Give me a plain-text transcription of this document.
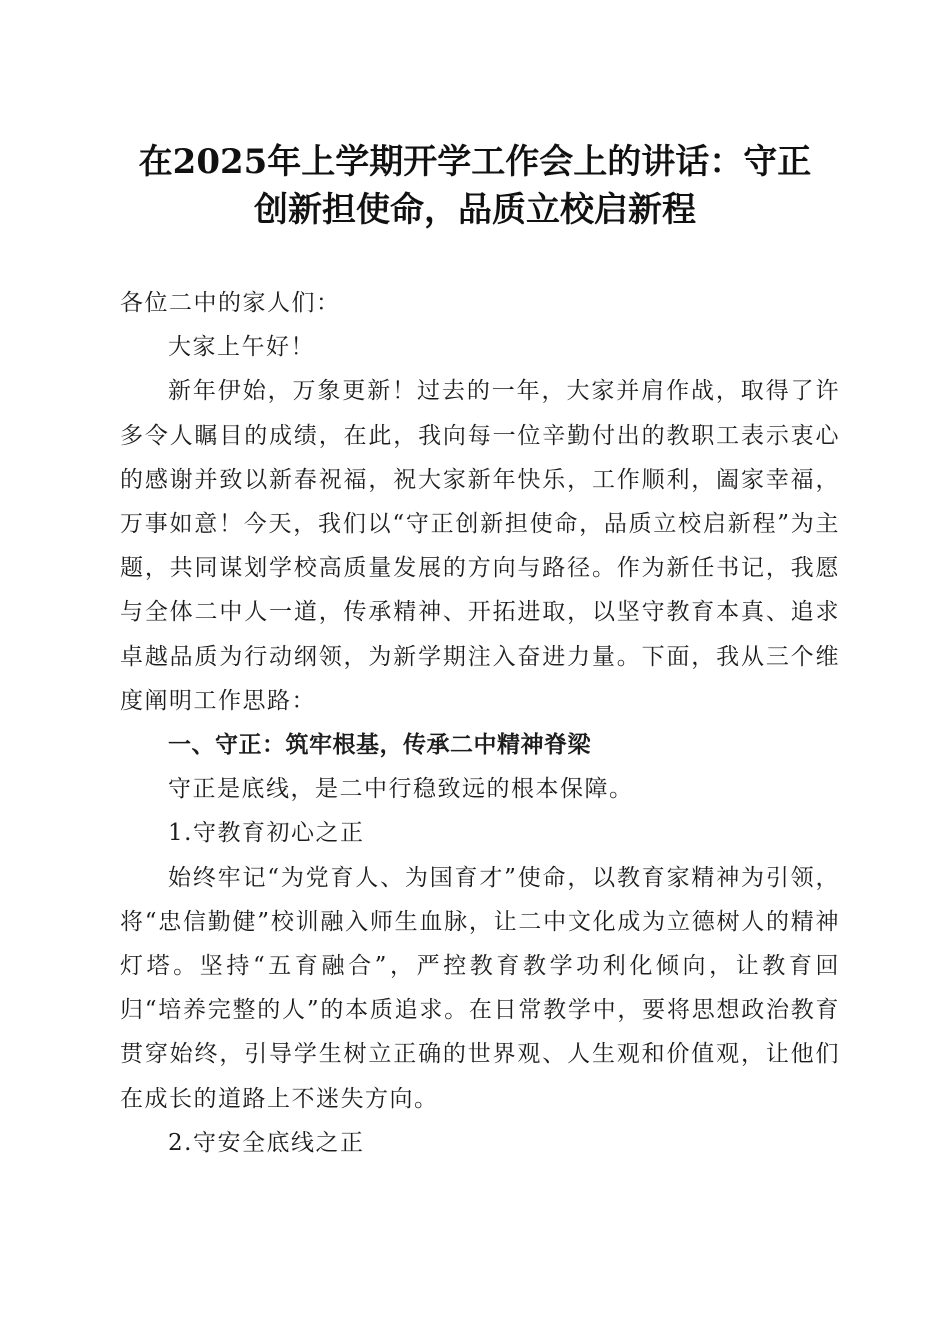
在2025年上学期开学工作会上的讲话：守正
创新担使命，品质立校启新程

各位二中的家人们：

大家上午好！

新年伊始，万象更新！过去的一年，大家并肩作战，取得了许多令人瞩目的成绩，在此，我向每一位辛勤付出的教职工表示衷心的感谢并致以新春祝福，祝大家新年快乐，工作顺利，阖家幸福，万事如意！今天，我们以“守正创新担使命，品质立校启新程”为主题，共同谋划学校高质量发展的方向与路径。作为新任书记，我愿与全体二中人一道，传承精神、开拓进取，以坚守教育本真、追求卓越品质为行动纲领，为新学期注入奋进力量。下面，我从三个维度阐明工作思路：

一、守正：筑牢根基，传承二中精神脊梁

守正是底线，是二中行稳致远的根本保障。

1.守教育初心之正

始终牢记“为党育人、为国育才”使命，以教育家精神为引领，将“忠信勤健”校训融入师生血脉，让二中文化成为立德树人的精神灯塔。坚持“五育融合”，严控教育教学功利化倾向，让教育回归“培养完整的人”的本质追求。在日常教学中，要将思想政治教育贯穿始终，引导学生树立正确的世界观、人生观和价值观，让他们在成长的道路上不迷失方向。

2.守安全底线之正
